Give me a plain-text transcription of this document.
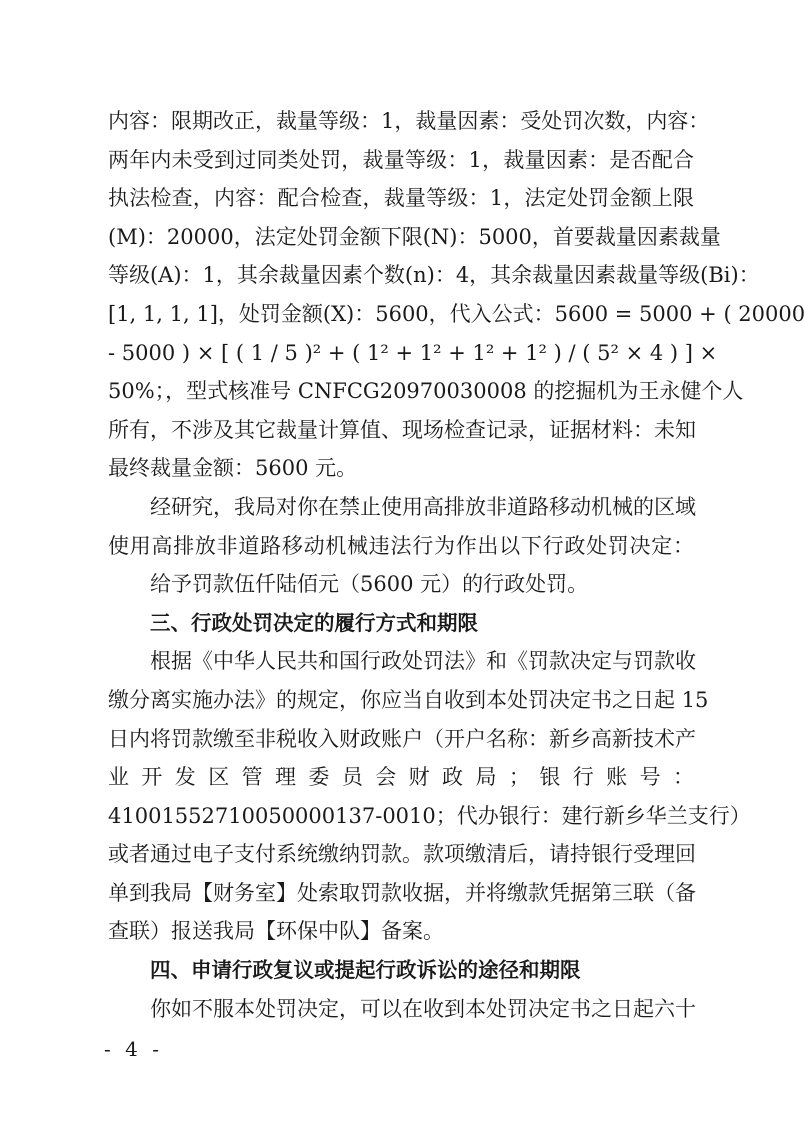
内容：限期改正，裁量等级：1，裁量因素：受处罚次数，内容：
两年内未受到过同类处罚，裁量等级：1，裁量因素：是否配合
执法检查，内容：配合检查，裁量等级：1，法定处罚金额上限
(M)：20000，法定处罚金额下限(N)：5000，首要裁量因素裁量
等级(A)：1，其余裁量因素个数(n)：4，其余裁量因素裁量等级(Bi)：
[1, 1, 1, 1]，处罚金额(X)：5600，代入公式：5600 = 5000 + ( 20000
- 5000 ) × [ ( 1 / 5 )² + ( 1² + 1² + 1² + 1² ) / ( 5² × 4 ) ] ×
50%；，型式核准号 CNFCG20970030008 的挖掘机为王永健个人
所有，不涉及其它裁量计算值、现场检查记录，证据材料：未知
最终裁量金额：5600 元。
经研究，我局对你在禁止使用高排放非道路移动机械的区域
使用高排放非道路移动机械违法行为作出以下行政处罚决定：
给予罚款伍仟陆佰元（5600 元）的行政处罚。
三、行政处罚决定的履行方式和期限
根据《中华人民共和国行政处罚法》和《罚款决定与罚款收
缴分离实施办法》的规定，你应当自收到本处罚决定书之日起 15
日内将罚款缴至非税收入财政账户（开户名称：新乡高新技术产
业 开 发 区 管 理 委 员 会 财 政 局 ； 银 行 账 号 ：
41001552710050000137-0010；代办银行：建行新乡华兰支行）
或者通过电子支付系统缴纳罚款。款项缴清后，请持银行受理回
单到我局【财务室】处索取罚款收据，并将缴款凭据第三联（备
查联）报送我局【环保中队】备案。
四、申请行政复议或提起行政诉讼的途径和期限
你如不服本处罚决定，可以在收到本处罚决定书之日起六十
- 4 -
